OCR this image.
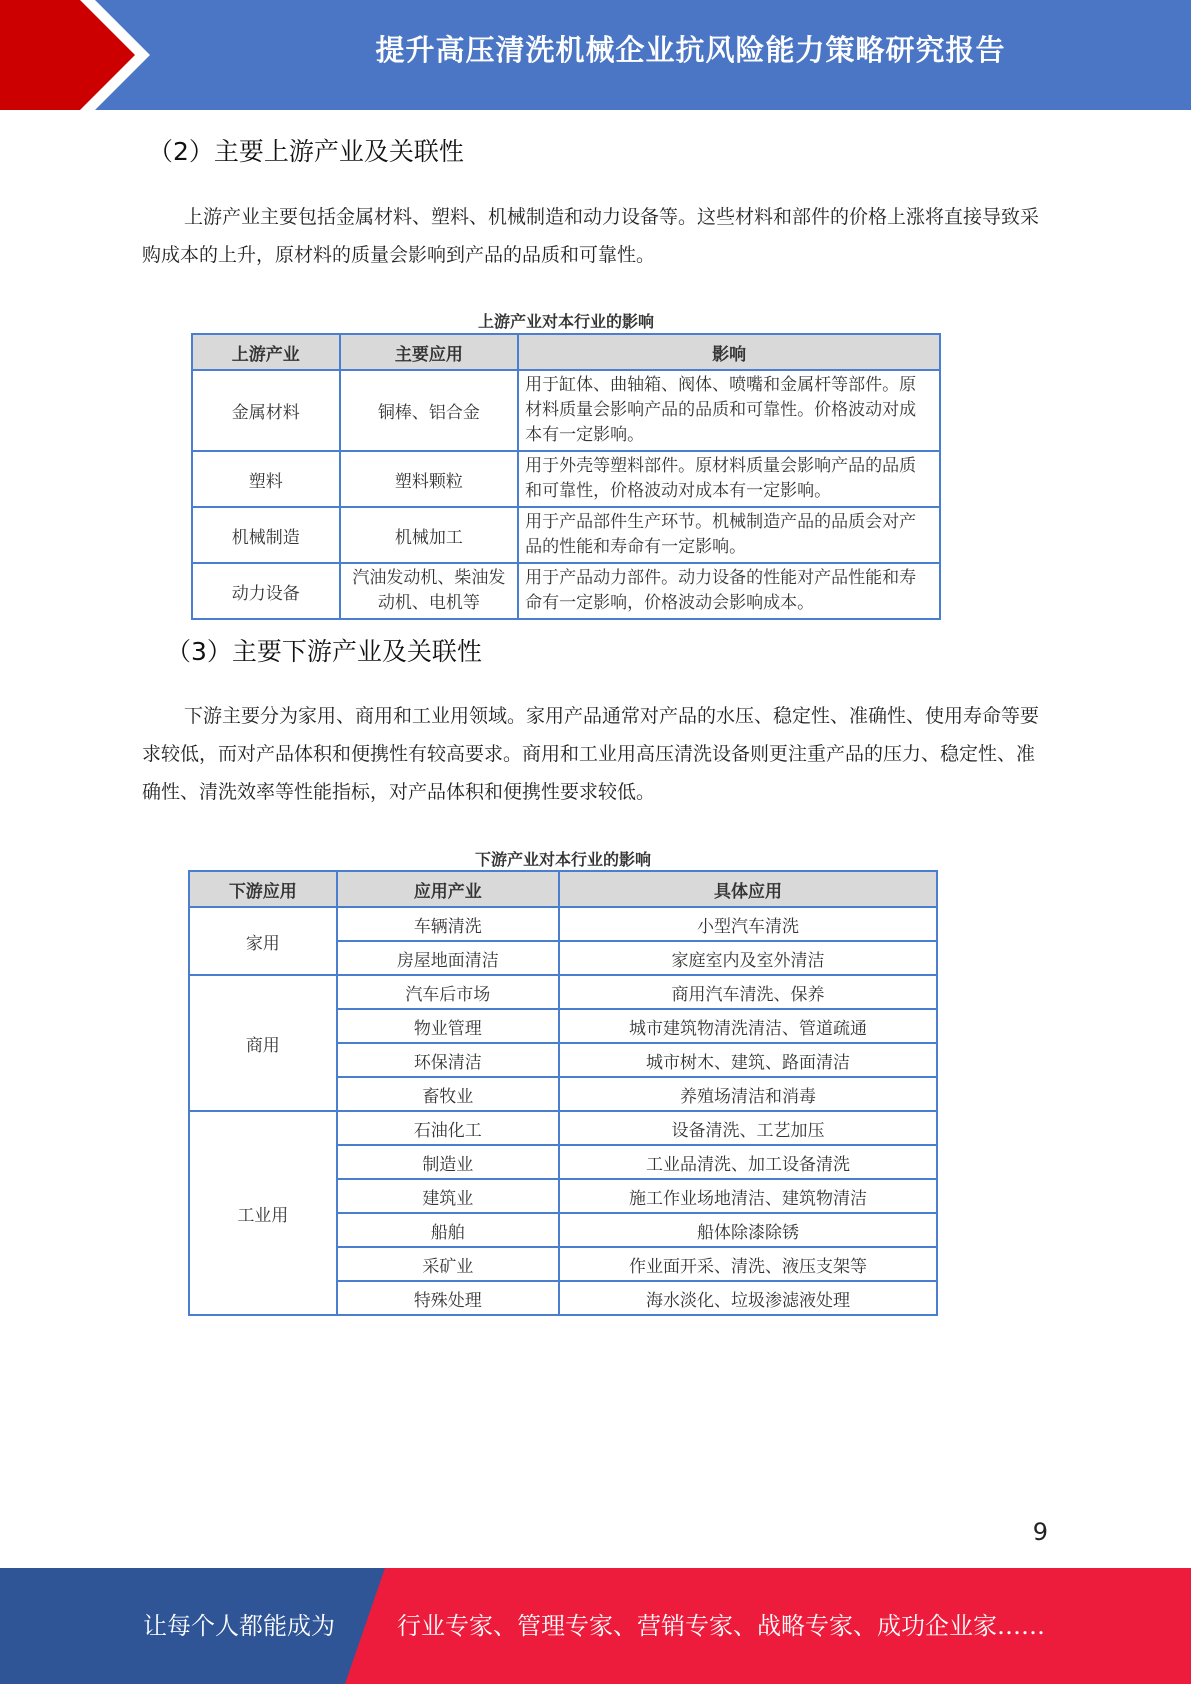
提升高压清洗机械企业抗风险能力策略研究报告
（2）主要上游产业及关联性

上游产业主要包括金属材料、塑料、机械制造和动力设备等。这些材料和部件的价格上涨将直接导致采购成本的上升，原材料的质量会影响到产品的品质和可靠性。

上游产业对本行业的影响
上游产业	主要应用	影响
金属材料	铜棒、铝合金	用于缸体、曲轴箱、阀体、喷嘴和金属杆等部件。原材料质量会影响产品的品质和可靠性。价格波动对成本有一定影响。
塑料	塑料颗粒	用于外壳等塑料部件。原材料质量会影响产品的品质和可靠性，价格波动对成本有一定影响。
机械制造	机械加工	用于产品部件生产环节。机械制造产品的品质会对产品的性能和寿命有一定影响。
动力设备	汽油发动机、柴油发动机、电机等	用于产品动力部件。动力设备的性能对产品性能和寿命有一定影响，价格波动会影响成本。
（3）主要下游产业及关联性

下游主要分为家用、商用和工业用领域。家用产品通常对产品的水压、稳定性、准确性、使用寿命等要求较低，而对产品体积和便携性有较高要求。商用和工业用高压清洗设备则更注重产品的压力、稳定性、准确性、清洗效率等性能指标，对产品体积和便携性要求较低。

下游产业对本行业的影响
下游应用	应用产业	具体应用
家用	车辆清洗	小型汽车清洗
	房屋地面清洁	家庭室内及室外清洁
商用	汽车后市场	商用汽车清洗、保养
	物业管理	城市建筑物清洗清洁、管道疏通
	环保清洁	城市树木、建筑、路面清洁
	畜牧业	养殖场清洁和消毒
工业用	石油化工	设备清洗、工艺加压
	制造业	工业品清洗、加工设备清洗
	建筑业	施工作业场地清洁、建筑物清洁
	船舶	船体除漆除锈
	采矿业	作业面开采、清洗、液压支架等
	特殊处理	海水淡化、垃圾渗滤液处理
9
让每个人都能成为	行业专家、管理专家、营销专家、战略专家、成功企业家……
